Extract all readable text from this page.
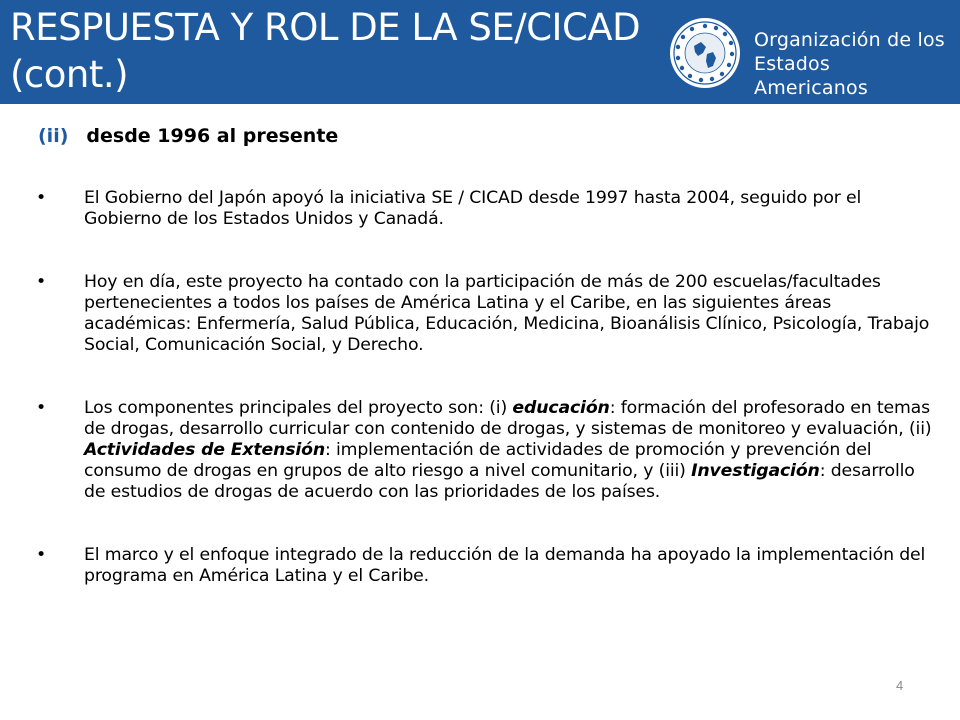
RESPUESTA Y ROL DE LA SE/CICAD
(cont.)
Organización de los
Estados Americanos
(ii) desde 1996 al presente
• El Gobierno del Japón apoyó la iniciativa SE / CICAD desde 1997 hasta 2004, seguido por el Gobierno de los Estados Unidos y Canadá.
• Hoy en día, este proyecto ha contado con la participación de más de 200 escuelas/facultades pertenecientes a todos los países de América Latina y el Caribe, en las siguientes áreas académicas: Enfermería, Salud Pública, Educación, Medicina, Bioanálisis Clínico, Psicología, Trabajo Social, Comunicación Social, y Derecho.
• Los componentes principales del proyecto son: (i) educación: formación del profesorado en temas de drogas, desarrollo curricular con contenido de drogas, y sistemas de monitoreo y evaluación, (ii) Actividades de Extensión: implementación de actividades de promoción y prevención del consumo de drogas en grupos de alto riesgo a nivel comunitario, y (iii) Investigación: desarrollo de estudios de drogas de acuerdo con las prioridades de los países.
• El marco y el enfoque integrado de la reducción de la demanda ha apoyado la implementación del programa en América Latina y el Caribe.
4
